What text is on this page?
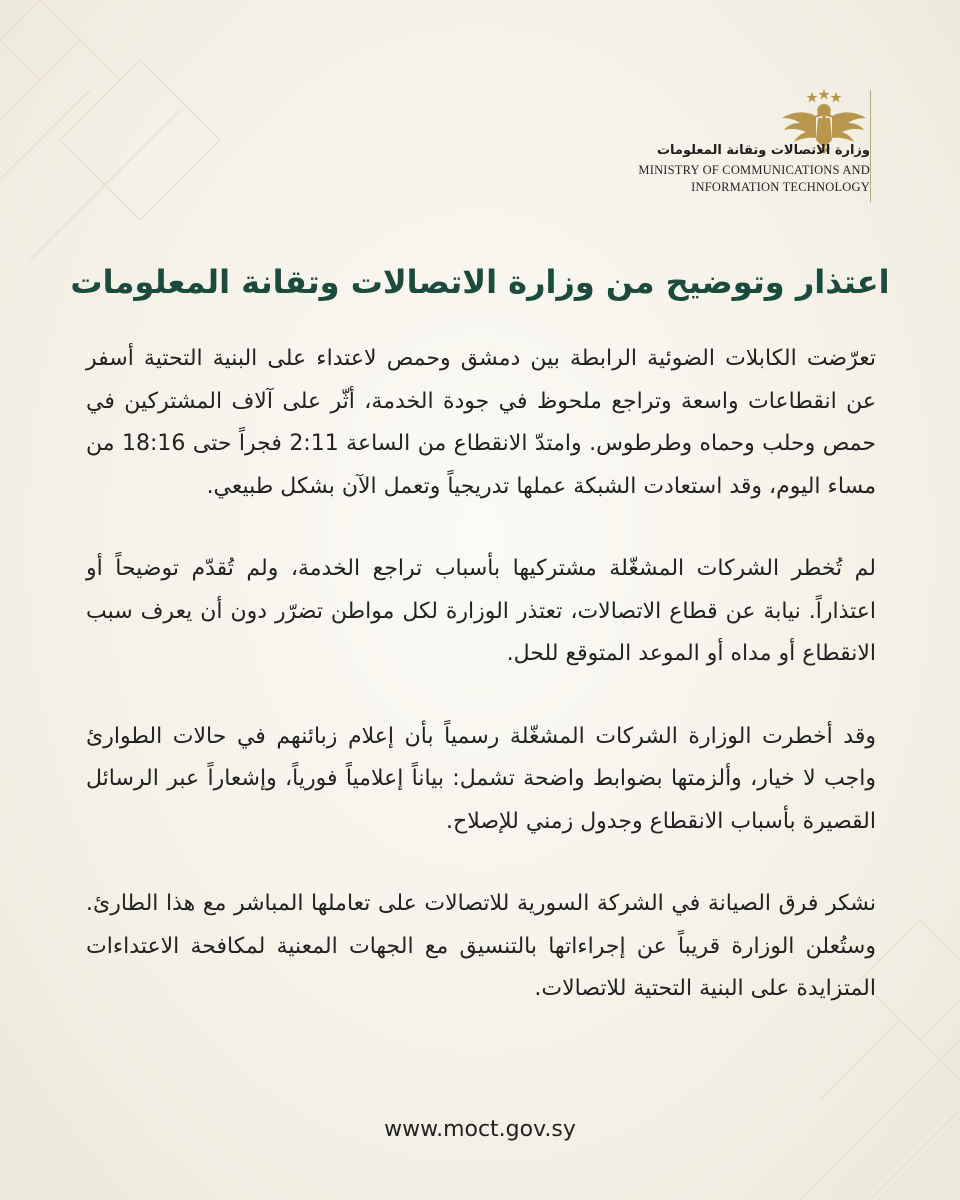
وزارة الاتصالات وتقانة المعلومات
MINISTRY OF COMMUNICATIONS AND
INFORMATION TECHNOLOGY
اعتذار وتوضيح من وزارة الاتصالات وتقانة المعلومات

تعرّضت الكابلات الضوئية الرابطة بين دمشق وحمص لاعتداء على البنية التحتية أسفر عن انقطاعات واسعة وتراجع ملحوظ في جودة الخدمة، أثّر على آلاف المشتركين في حمص وحلب وحماه وطرطوس. وامتدّ الانقطاع من الساعة 2:11 فجراً حتى 18:16 من مساء اليوم، وقد استعادت الشبكة عملها تدريجياً وتعمل الآن بشكل طبيعي.

لم تُخطر الشركات المشغّلة مشتركيها بأسباب تراجع الخدمة، ولم تُقدّم توضيحاً أو اعتذاراً. نيابة عن قطاع الاتصالات، تعتذر الوزارة لكل مواطن تضرّر دون أن يعرف سبب الانقطاع أو مداه أو الموعد المتوقع للحل.

وقد أخطرت الوزارة الشركات المشغّلة رسمياً بأن إعلام زبائنهم في حالات الطوارئ واجب لا خيار، وألزمتها بضوابط واضحة تشمل: بياناً إعلامياً فورياً، وإشعاراً عبر الرسائل القصيرة بأسباب الانقطاع وجدول زمني للإصلاح.

نشكر فرق الصيانة في الشركة السورية للاتصالات على تعاملها المباشر مع هذا الطارئ. وستُعلن الوزارة قريباً عن إجراءاتها بالتنسيق مع الجهات المعنية لمكافحة الاعتداءات المتزايدة على البنية التحتية للاتصالات.

www.moct.gov.sy
